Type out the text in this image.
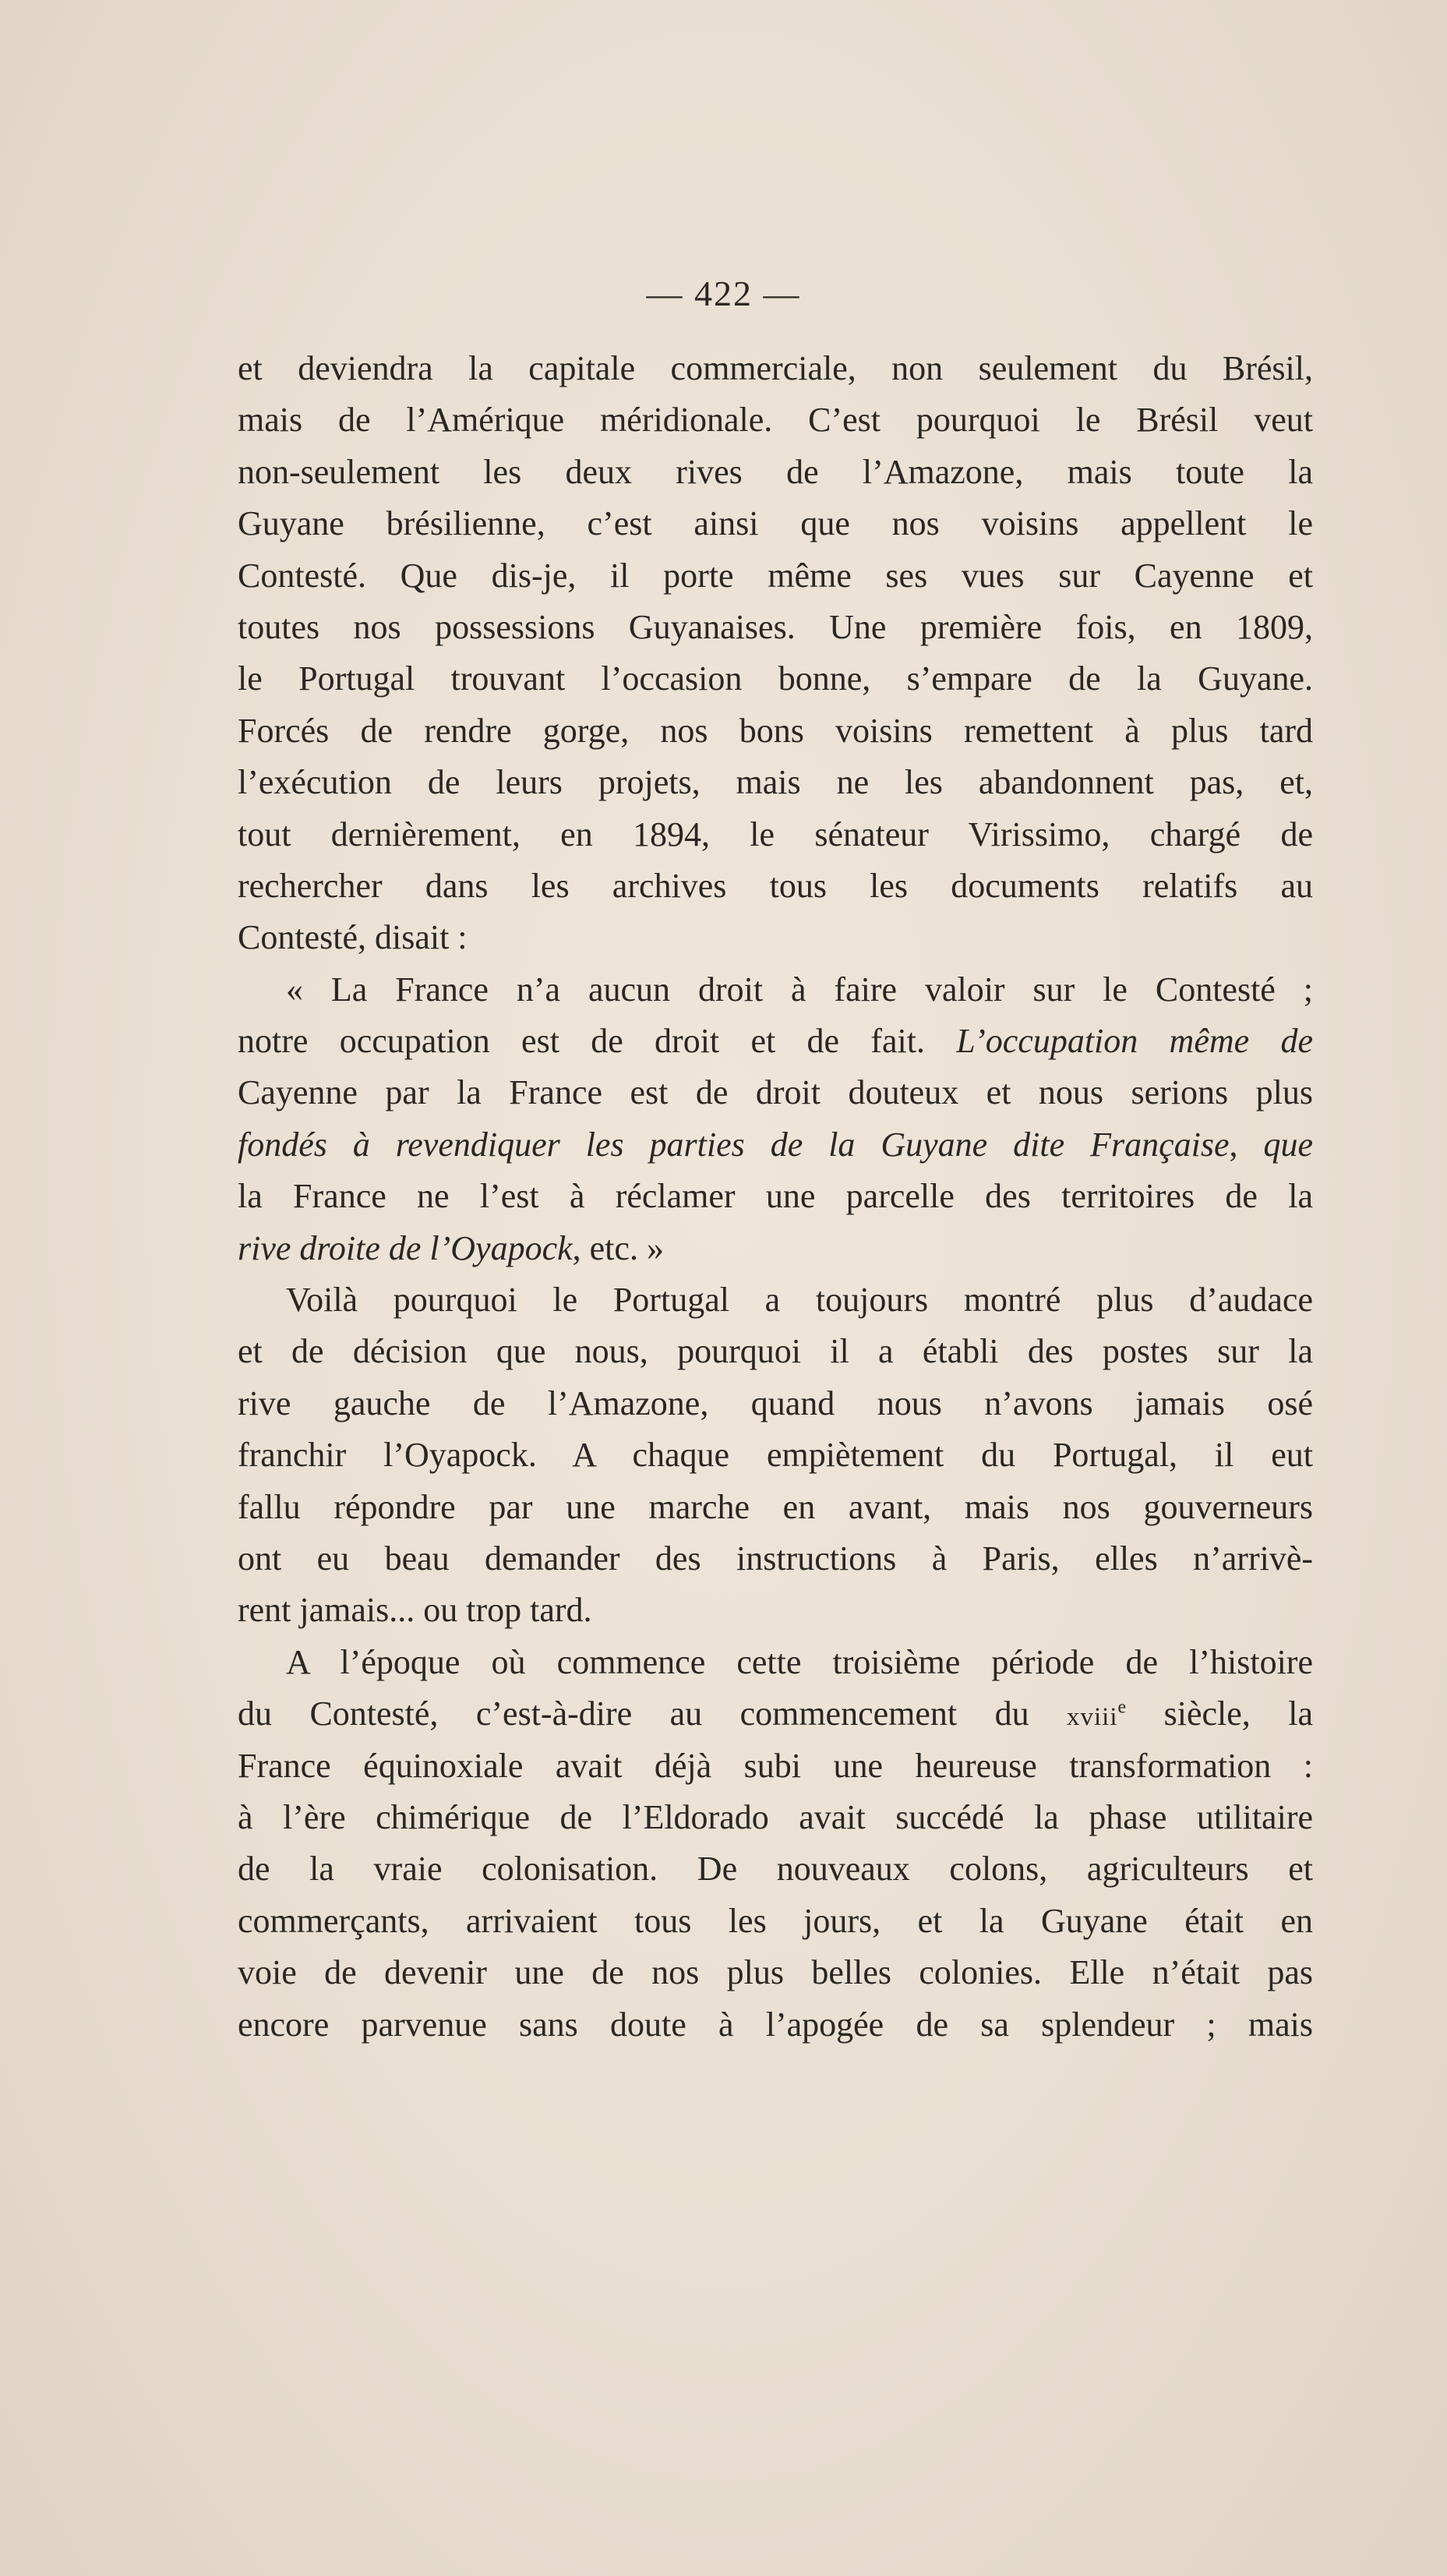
— 422 —
et deviendra la capitale commerciale, non seulement du Brésil,
mais de l’Amérique méridionale. C’est pourquoi le Brésil veut
non-seulement les deux rives de l’Amazone, mais toute la
Guyane brésilienne, c’est ainsi que nos voisins appellent le
Contesté. Que dis-je, il porte même ses vues sur Cayenne et
toutes nos possessions Guyanaises. Une première fois, en 1809,
le Portugal trouvant l’occasion bonne, s’empare de la Guyane.
Forcés de rendre gorge, nos bons voisins remettent à plus tard
l’exécution de leurs projets, mais ne les abandonnent pas, et,
tout dernièrement, en 1894, le sénateur Virissimo, chargé de
rechercher dans les archives tous les documents relatifs au
Contesté, disait :
« La France n’a aucun droit à faire valoir sur le Contesté ;
notre occupation est de droit et de fait. L’occupation même de
Cayenne par la France est de droit douteux et nous serions plus
fondés à revendiquer les parties de la Guyane dite Française, que
la France ne l’est à réclamer une parcelle des territoires de la
rive droite de l’Oyapock, etc. »
Voilà pourquoi le Portugal a toujours montré plus d’audace
et de décision que nous, pourquoi il a établi des postes sur la
rive gauche de l’Amazone, quand nous n’avons jamais osé
franchir l’Oyapock. A chaque empiètement du Portugal, il eut
fallu répondre par une marche en avant, mais nos gouverneurs
ont eu beau demander des instructions à Paris, elles n’arrivè-
rent jamais... ou trop tard.
A l’époque où commence cette troisième période de l’histoire
du Contesté, c’est-à-dire au commencement du xviii$^e$ siècle, la
France équinoxiale avait déjà subi une heureuse transformation :
à l’ère chimérique de l’Eldorado avait succédé la phase utilitaire
de la vraie colonisation. De nouveaux colons, agriculteurs et
commerçants, arrivaient tous les jours, et la Guyane était en
voie de devenir une de nos plus belles colonies. Elle n’était pas
encore parvenue sans doute à l’apogée de sa splendeur ; mais
